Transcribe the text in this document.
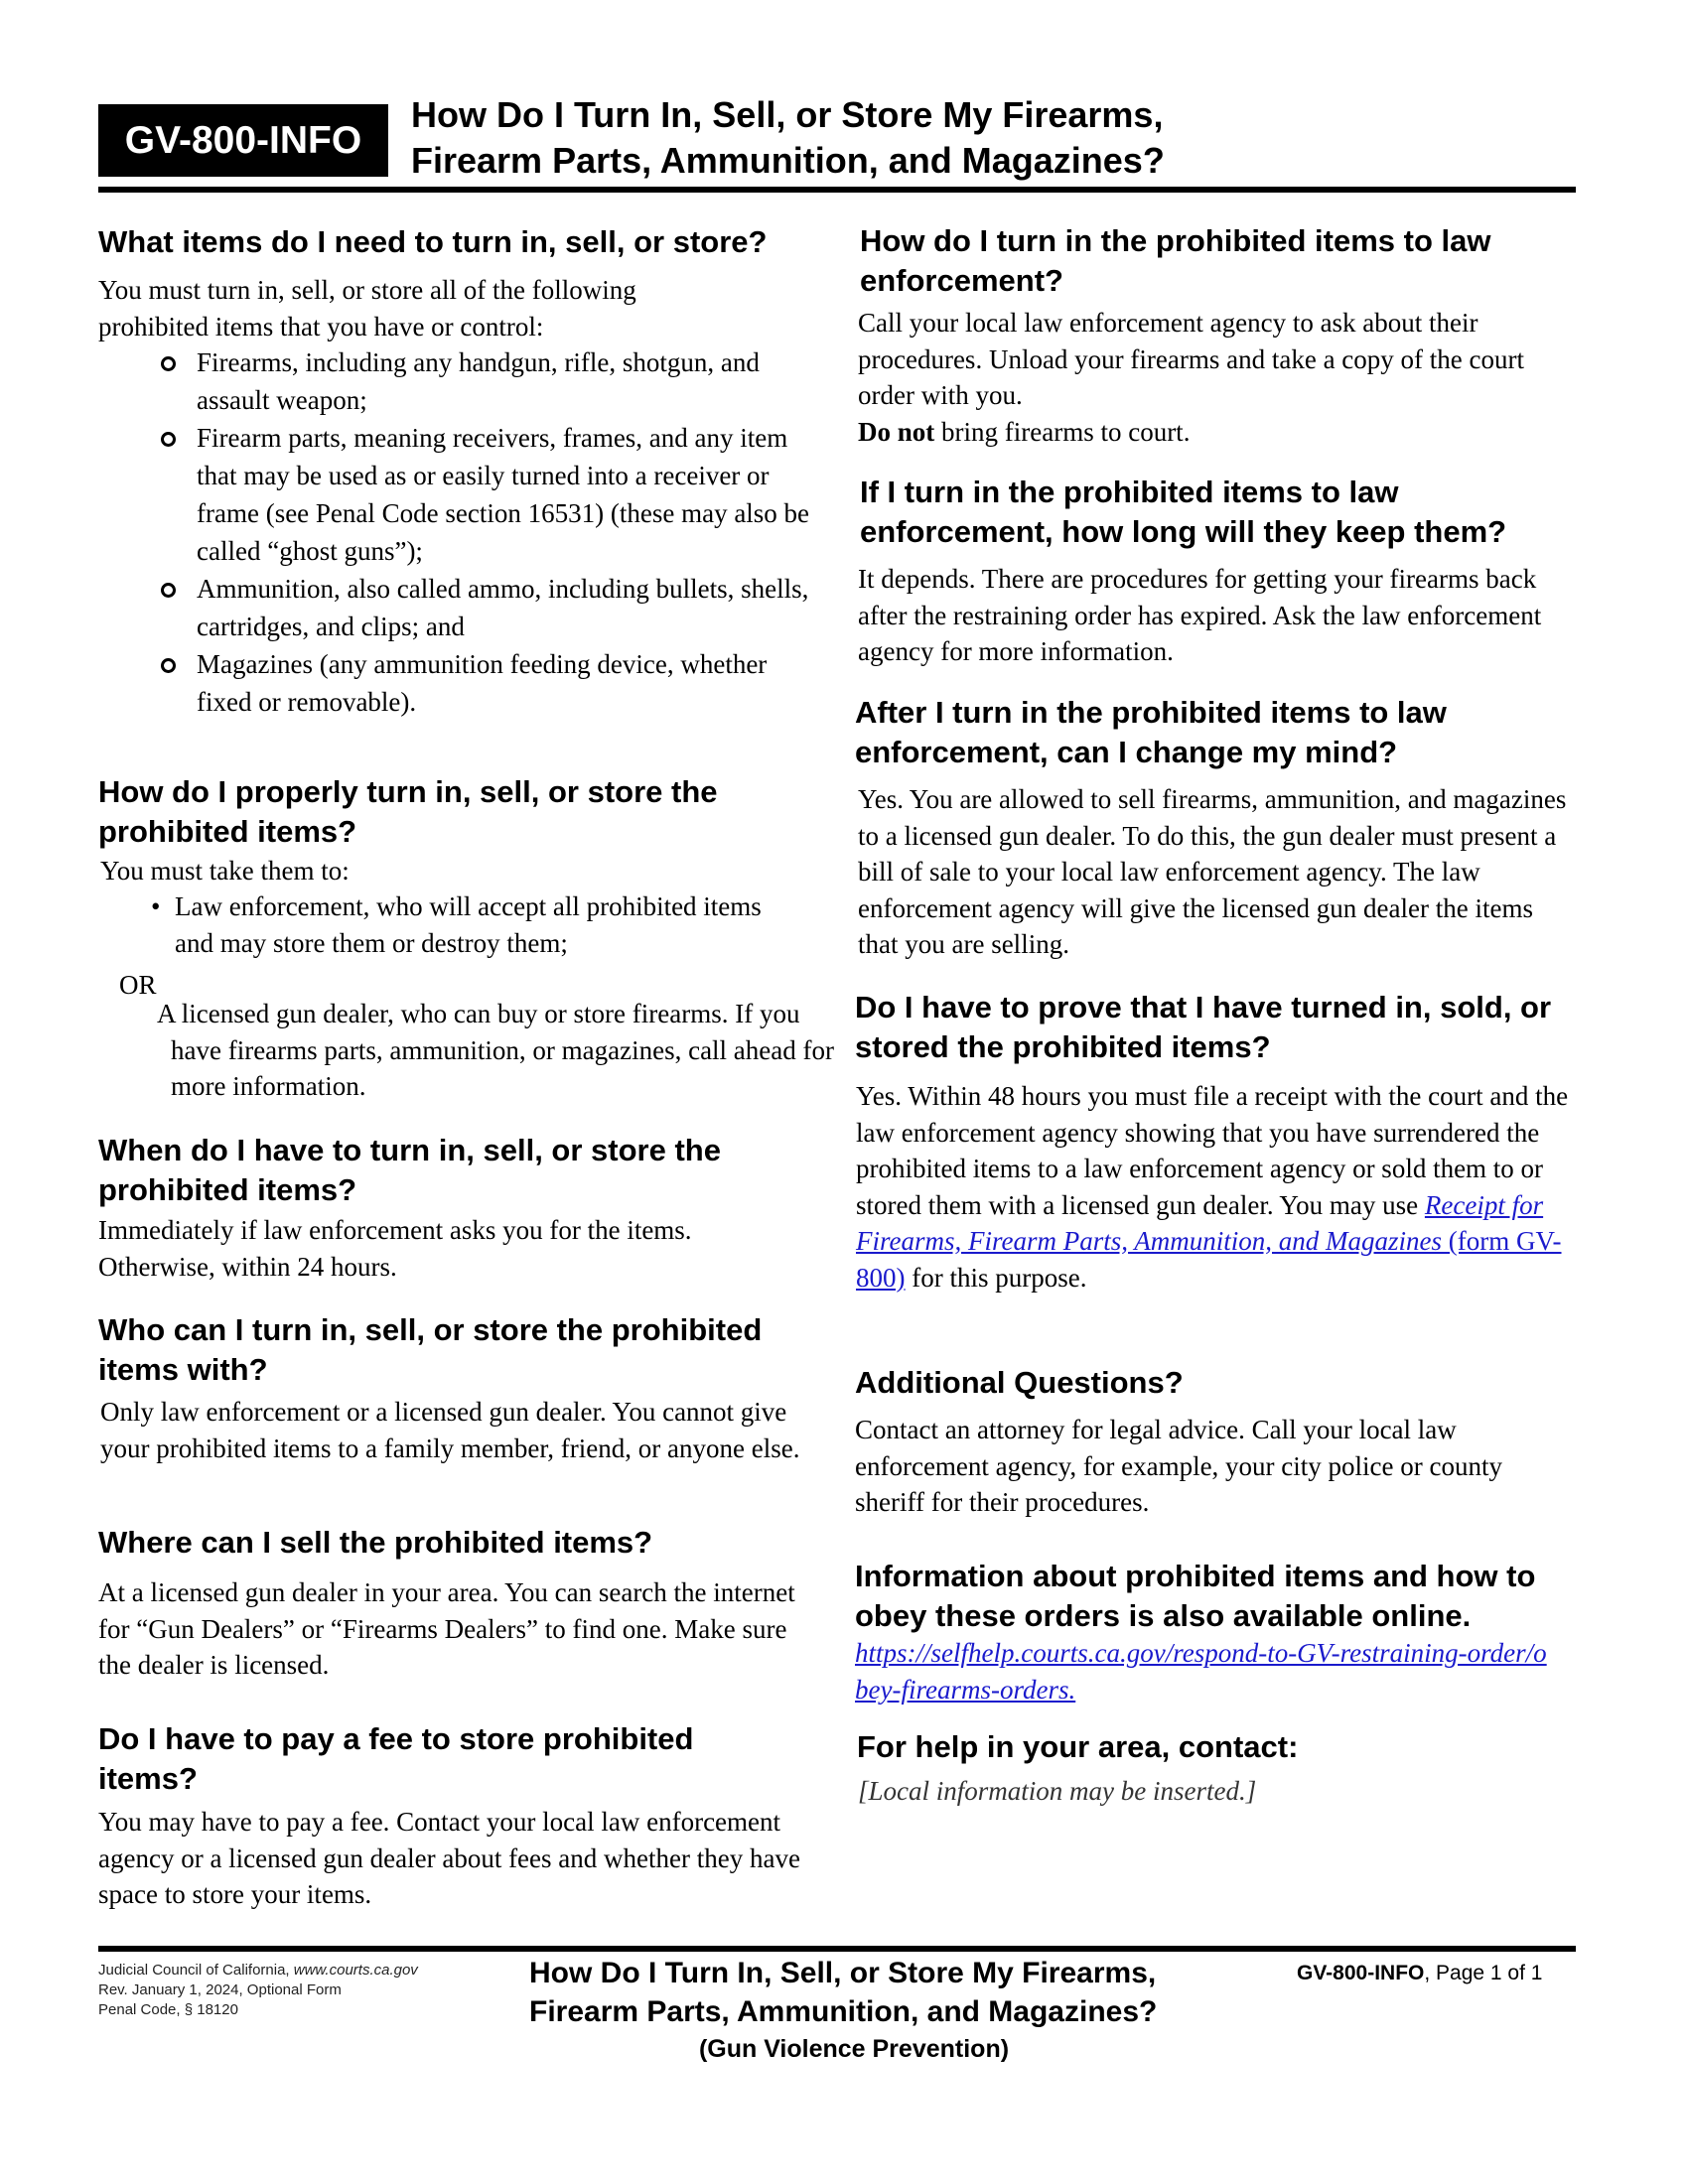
GV-800-INFO
How Do I Turn In, Sell, or Store My Firearms,
Firearm Parts, Ammunition, and Magazines?
What items do I need to turn in, sell, or store?

You must turn in, sell, or store all of the following prohibited items that you have or control:

Firearms, including any handgun, rifle, shotgun, and assault weapon;
Firearm parts, meaning receivers, frames, and any item that may be used as or easily turned into a receiver or frame (see Penal Code section 16531) (these may also be called “ghost guns”);
Ammunition, also called ammo, including bullets, shells, cartridges, and clips; and
Magazines (any ammunition feeding device, whether fixed or removable).
How do I properly turn in, sell, or store the prohibited items?

You must take them to:

• Law enforcement, who will accept all prohibited items and may store them or destroy them;

OR

A licensed gun dealer, who can buy or store firearms. If you have firearms parts, ammunition, or magazines, call ahead for more information.

When do I have to turn in, sell, or store the prohibited items?

Immediately if law enforcement asks you for the items. Otherwise, within 24 hours.

Who can I turn in, sell, or store the prohibited items with?

Only law enforcement or a licensed gun dealer. You cannot give your prohibited items to a family member, friend, or anyone else.

Where can I sell the prohibited items?

At a licensed gun dealer in your area. You can search the internet for “Gun Dealers” or “Firearms Dealers” to find one. Make sure the dealer is licensed.

Do I have to pay a fee to store prohibited items?

You may have to pay a fee. Contact your local law enforcement agency or a licensed gun dealer about fees and whether they have space to store your items.

How do I turn in the prohibited items to law enforcement?

Call your local law enforcement agency to ask about their procedures. Unload your firearms and take a copy of the court order with you.
Do not bring firearms to court.

If I turn in the prohibited items to law enforcement, how long will they keep them?

It depends. There are procedures for getting your firearms back after the restraining order has expired. Ask the law enforcement agency for more information.

After I turn in the prohibited items to law enforcement, can I change my mind?

Yes. You are allowed to sell firearms, ammunition, and magazines to a licensed gun dealer. To do this, the gun dealer must present a bill of sale to your local law enforcement agency. The law enforcement agency will give the licensed gun dealer the items that you are selling.

Do I have to prove that I have turned in, sold, or stored the prohibited items?

Yes. Within 48 hours you must file a receipt with the court and the law enforcement agency showing that you have surrendered the prohibited items to a law enforcement agency or sold them to or stored them with a licensed gun dealer. You may use Receipt for Firearms, Firearm Parts, Ammunition, and Magazines (form GV-800) for this purpose.

Additional Questions?

Contact an attorney for legal advice. Call your local law enforcement agency, for example, your city police or county sheriff for their procedures.

Information about prohibited items and how to obey these orders is also available online.

https://selfhelp.courts.ca.gov/respond-to-GV-restraining-order/obey-firearms-orders.

For help in your area, contact:

[Local information may be inserted.]

Judicial Council of California, www.courts.ca.gov
Rev. January 1, 2024, Optional Form
Penal Code, § 18120
How Do I Turn In, Sell, or Store My Firearms,
Firearm Parts, Ammunition, and Magazines?
(Gun Violence Prevention)
GV-800-INFO, Page 1 of 1
